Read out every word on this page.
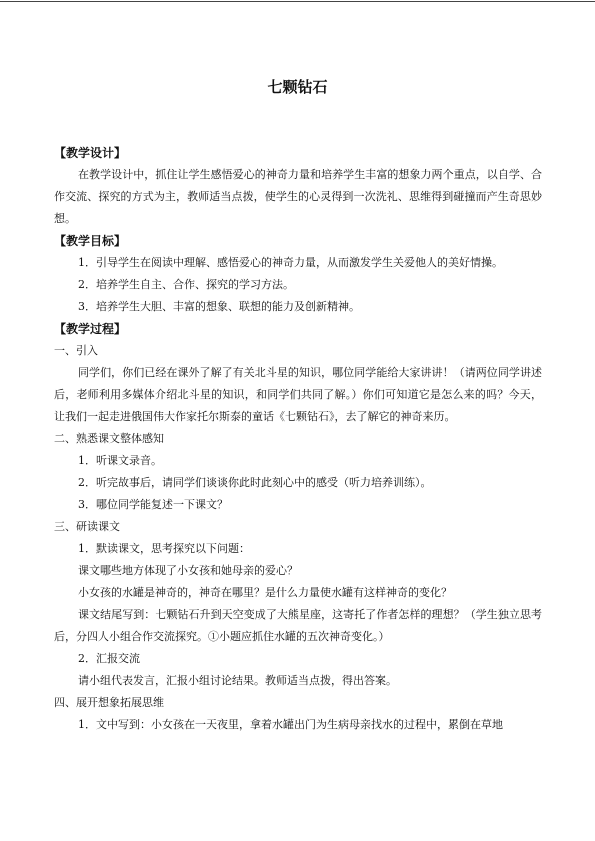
七颗钻石
【教学设计】

在教学设计中，抓住让学生感悟爱心的神奇力量和培养学生丰富的想象力两个重点，以自学、合作交流、探究的方式为主，教师适当点拨，使学生的心灵得到一次洗礼、思维得到碰撞而产生奇思妙想。

【教学目标】
1．引导学生在阅读中理解、感悟爱心的神奇力量，从而激发学生关爱他人的美好情操。
2．培养学生自主、合作、探究的学习方法。
3．培养学生大胆、丰富的想象、联想的能力及创新精神。
【教学过程】
一、引入

同学们，你们已经在课外了解了有关北斗星的知识，哪位同学能给大家讲讲！（请两位同学讲述后，老师利用多媒体介绍北斗星的知识，和同学们共同了解。）你们可知道它是怎么来的吗？今天，让我们一起走进俄国伟大作家托尔斯泰的童话《七颗钻石》，去了解它的神奇来历。

二、熟悉课文整体感知
1．听课文录音。
2．听完故事后，请同学们谈谈你此时此刻心中的感受（听力培养训练）。
3．哪位同学能复述一下课文？
三、研读课文
1．默读课文，思考探究以下问题：
课文哪些地方体现了小女孩和她母亲的爱心？
小女孩的水罐是神奇的，神奇在哪里？是什么力量使水罐有这样神奇的变化？

课文结尾写到：七颗钻石升到天空变成了大熊星座，这寄托了作者怎样的理想？（学生独立思考后，分四人小组合作交流探究。①小题应抓住水罐的五次神奇变化。）

2．汇报交流
请小组代表发言，汇报小组讨论结果。教师适当点拨，得出答案。
四、展开想象拓展思维
1．文中写到：小女孩在一天夜里，拿着水罐出门为生病母亲找水的过程中，累倒在草地
